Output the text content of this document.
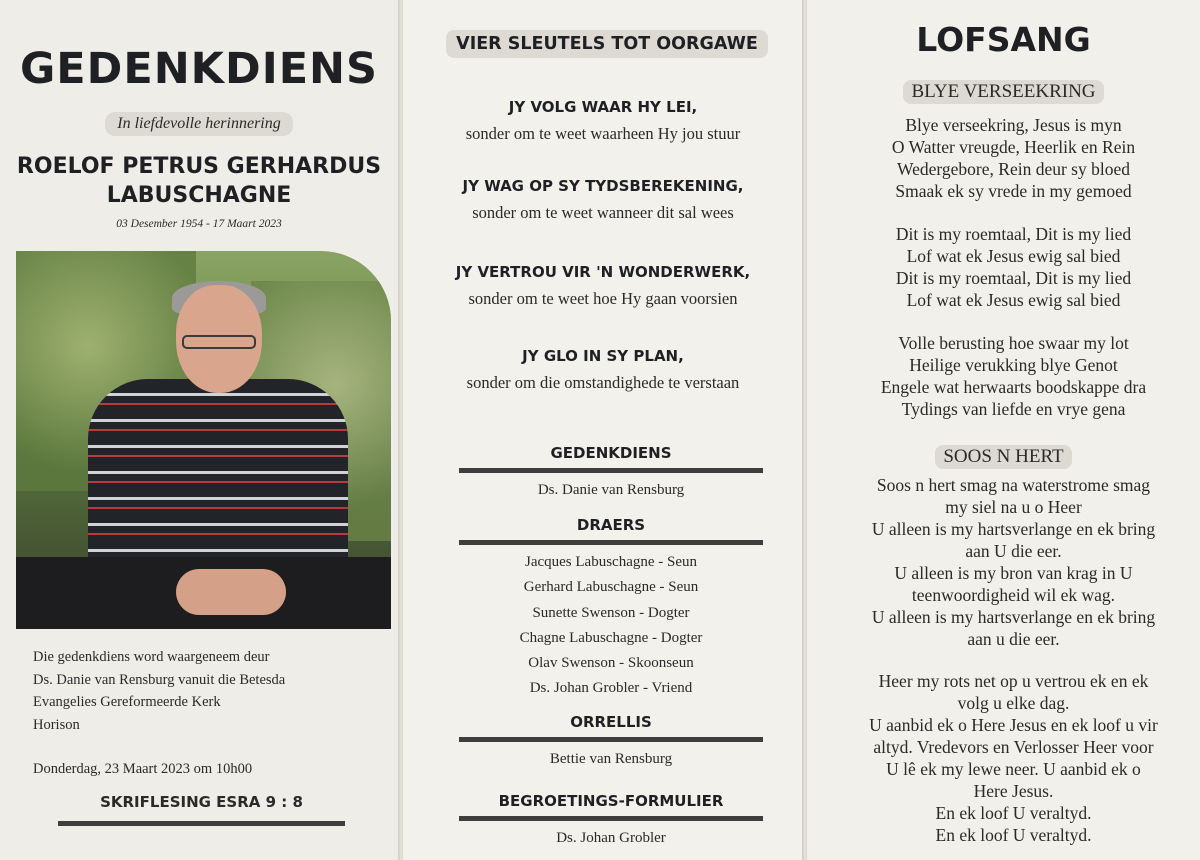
GEDENKDIENS
In liefdevolle herinnering
ROELOF PETRUS GERHARDUS
LABUSCHAGNE
03 Desember 1954 - 17 Maart 2023
Die gedenkdiens word waargeneem deur
Ds. Danie van Rensburg vanuit die Betesda
Evangelies Gereformeerde Kerk
Horison
Donderdag, 23 Maart 2023 om 10h00
SKRIFLESING ESRA 9 : 8
VIER SLEUTELS TOT OORGAWE
JY VOLG WAAR HY LEI,
sonder om te weet waarheen Hy jou stuur
JY WAG OP SY TYDSBEREKENING,
sonder om te weet wanneer dit sal wees
JY VERTROU VIR 'N WONDERWERK,
sonder om te weet hoe Hy gaan voorsien
JY GLO IN SY PLAN,
sonder om die omstandighede te verstaan
GEDENKDIENS
Ds. Danie van Rensburg
DRAERS
Jacques Labuschagne - Seun
Gerhard Labuschagne - Seun
Sunette Swenson - Dogter
Chagne Labuschagne - Dogter
Olav Swenson - Skoonseun
Ds. Johan Grobler - Vriend
ORRELLIS
Bettie van Rensburg
BEGROETINGS-FORMULIER
Ds. Johan Grobler
LOFSANG
BLYE VERSEEKRING
Blye verseekring, Jesus is myn
O Watter vreugde, Heerlik en Rein
Wedergebore, Rein deur sy bloed
Smaak ek sy vrede in my gemoed
Dit is my roemtaal, Dit is my lied
Lof wat ek Jesus ewig sal bied
Dit is my roemtaal, Dit is my lied
Lof wat ek Jesus ewig sal bied
Volle berusting hoe swaar my lot
Heilige verukking blye Genot
Engele wat herwaarts boodskappe dra
Tydings van liefde en vrye gena
SOOS N HERT
Soos n hert smag na waterstrome smag
my siel na u o Heer
U alleen is my hartsverlange en ek bring
aan U die eer.
U alleen is my bron van krag in U
teenwoordigheid wil ek wag.
U alleen is my hartsverlange en ek bring
aan u die eer.
Heer my rots net op u vertrou ek en ek
volg u elke dag.
U aanbid ek o Here Jesus en ek loof u vir
altyd. Vredevors en Verlosser Heer voor
U lê ek my lewe neer. U aanbid ek o
Here Jesus.
En ek loof U veraltyd.
En ek loof U veraltyd.
